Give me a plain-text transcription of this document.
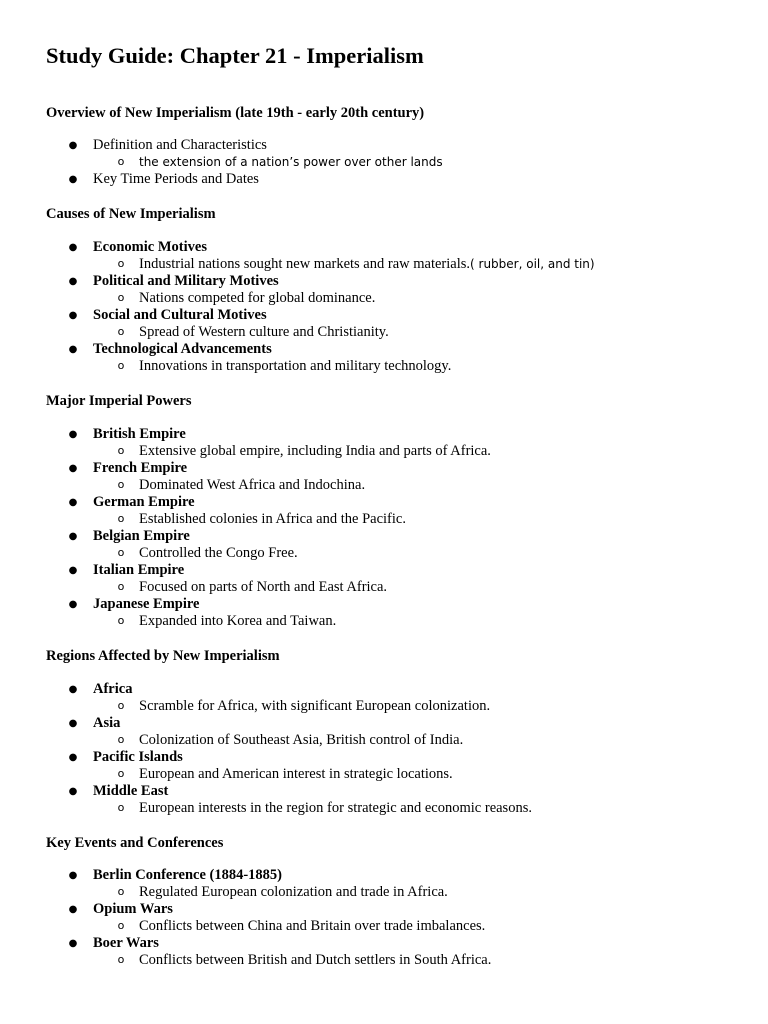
Study Guide: Chapter 21 - Imperialism
Overview of New Imperialism (late 19th - early 20th century)
● Definition and Characteristics
o the extension of a nation’s power over other lands
● Key Time Periods and Dates
Causes of New Imperialism
● Economic Motives
o Industrial nations sought new markets and raw materials.( rubber, oil, and tin)
● Political and Military Motives
o Nations competed for global dominance.
● Social and Cultural Motives
o Spread of Western culture and Christianity.
● Technological Advancements
o Innovations in transportation and military technology.
Major Imperial Powers
● British Empire
o Extensive global empire, including India and parts of Africa.
● French Empire
o Dominated West Africa and Indochina.
● German Empire
o Established colonies in Africa and the Pacific.
● Belgian Empire
o Controlled the Congo Free.
● Italian Empire
o Focused on parts of North and East Africa.
● Japanese Empire
o Expanded into Korea and Taiwan.
Regions Affected by New Imperialism
● Africa
o Scramble for Africa, with significant European colonization.
● Asia
o Colonization of Southeast Asia, British control of India.
● Pacific Islands
o European and American interest in strategic locations.
● Middle East
o European interests in the region for strategic and economic reasons.
Key Events and Conferences
● Berlin Conference (1884-1885)
o Regulated European colonization and trade in Africa.
● Opium Wars
o Conflicts between China and Britain over trade imbalances.
● Boer Wars
o Conflicts between British and Dutch settlers in South Africa.
